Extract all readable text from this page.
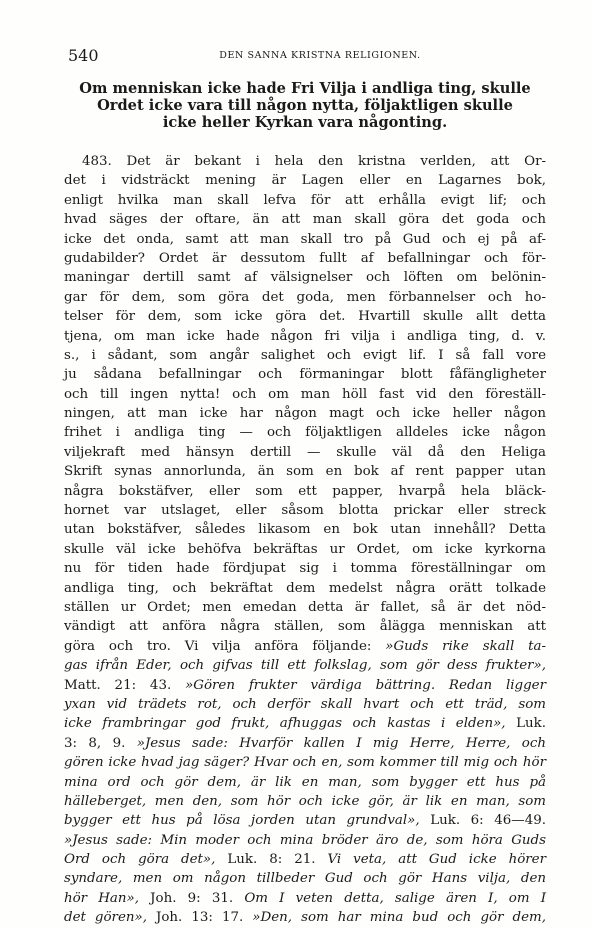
540	DEN SANNA KRISTNA RELIGIONEN.
Om menniskan icke hade Fri Vilja i andliga ting, skulle
Ordet icke vara till någon nytta, följaktligen skulle
icke heller Kyrkan vara någonting.
483. Det är bekant i hela den kristna verlden, att Or-
det i vidsträckt mening är Lagen eller en Lagarnes bok,
enligt hvilka man skall lefva för att erhålla evigt lif; och
hvad säges der oftare, än att man skall göra det goda och
icke det onda, samt att man skall tro på Gud och ej på af-
gudabilder? Ordet är dessutom fullt af befallningar och för-
maningar dertill samt af välsignelser och löften om belönin-
gar för dem, som göra det goda, men förbannelser och ho-
telser för dem, som icke göra det. Hvartill skulle allt detta
tjena, om man icke hade någon fri vilja i andliga ting, d. v.
s., i sådant, som angår salighet och evigt lif. I så fall vore
ju sådana befallningar och förmaningar blott fåfängligheter
och till ingen nytta! och om man höll fast vid den föreställ-
ningen, att man icke har någon magt och icke heller någon
frihet i andliga ting — och följaktligen alldeles icke någon
viljekraft med hänsyn dertill — skulle väl då den Heliga
Skrift synas annorlunda, än som en bok af rent papper utan
några bokstäfver, eller som ett papper, hvarpå hela bläck-
hornet var utslaget, eller såsom blotta prickar eller streck
utan bokstäfver, således likasom en bok utan innehåll? Detta
skulle väl icke behöfva bekräftas ur Ordet, om icke kyrkorna
nu för tiden hade fördjupat sig i tomma föreställningar om
andliga ting, och bekräftat dem medelst några orätt tolkade
ställen ur Ordet; men emedan detta är fallet, så är det nöd-
vändigt att anföra några ställen, som ålägga menniskan att
göra och tro. Vi vilja anföra följande: »Guds rike skall ta-
gas ifrån Eder, och gifvas till ett folkslag, som gör dess frukter»,
Matt. 21: 43. »Gören frukter värdiga bättring. Redan ligger
yxan vid trädets rot, och derför skall hvart och ett träd, som
icke frambringar god frukt, afhuggas och kastas i elden», Luk.
3: 8, 9. »Jesus sade: Hvarför kallen I mig Herre, Herre, och
gören icke hvad jag säger? Hvar och en, som kommer till mig och hör
mina ord och gör dem, är lik en man, som bygger ett hus på
hälleberget, men den, som hör och icke gör, är lik en man, som
bygger ett hus på lösa jorden utan grundval», Luk. 6: 46—49.
»Jesus sade: Min moder och mina bröder äro de, som höra Guds
Ord och göra det», Luk. 8: 21. Vi veta, att Gud icke hörer
syndare, men om någon tillbeder Gud och gör Hans vilja, den
hör Han», Joh. 9: 31. Om I veten detta, salige ären I, om I
det gören», Joh. 13: 17. »Den, som har mina bud och gör dem,
